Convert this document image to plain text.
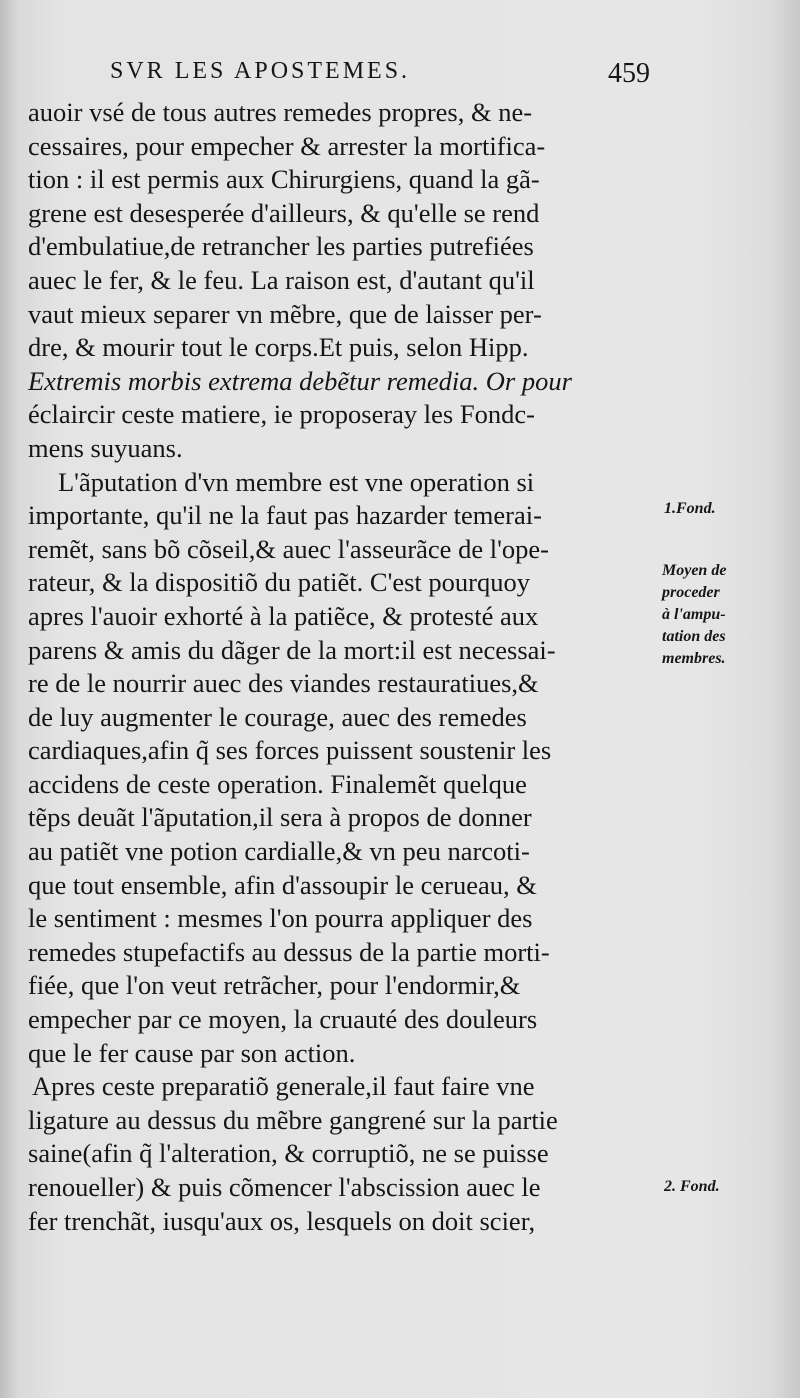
SVR LES APOSTEMES.	459
auoir vsé de tous autres remedes propres, & ne-
cessaires, pour empecher & arrester la mortifica-
tion : il est permis aux Chirurgiens, quand la gã-
grene est desesperée d'ailleurs, & qu'elle se rend
d'embulatiue,de retrancher les parties putrefiées
auec le fer, & le feu. La raison est, d'autant qu'il
vaut mieux separer vn mẽbre, que de laisser per-
dre, & mourir tout le corps.Et puis, selon Hipp.
Extremis morbis extrema debẽtur remedia. Or pour
éclaircir ceste matiere, ie proposeray les Fondc-
mens suyuans.
L'ãputation d'vn membre est vne operation si
importante, qu'il ne la faut pas hazarder temerai-
remẽt, sans bõ cõseil,& auec l'asseurãce de l'ope-
rateur, & la dispositiõ du patiẽt. C'est pourquoy
apres l'auoir exhorté à la patiẽce, & protesté aux
parens & amis du dãger de la mort:il est necessai-
re de le nourrir auec des viandes restauratiues,&
de luy augmenter le courage, auec des remedes
cardiaques,afin q̃ ses forces puissent soustenir les
accidens de ceste operation. Finalemẽt quelque
tẽps deuãt l'ãputation,il sera à propos de donner
au patiẽt vne potion cardialle,& vn peu narcoti-
que tout ensemble, afin d'assoupir le cerueau, &
le sentiment : mesmes l'on pourra appliquer des
remedes stupefactifs au dessus de la partie morti-
fiée, que l'on veut retrãcher, pour l'endormir,&
empecher par ce moyen, la cruauté des douleurs
que le fer cause par son action.
Apres ceste preparatiõ generale,il faut faire vne
ligature au dessus du mẽbre gangrené sur la partie
saine(afin q̃ l'alteration, & corruptiõ, ne se puisse
renoueller) & puis cõmencer l'abscission auec le
fer trenchãt, iusqu'aux os, lesquels on doit scier,
1.Fond.
Moyen de
proceder
à l'ampu-
tation des
membres.
2. Fond.
